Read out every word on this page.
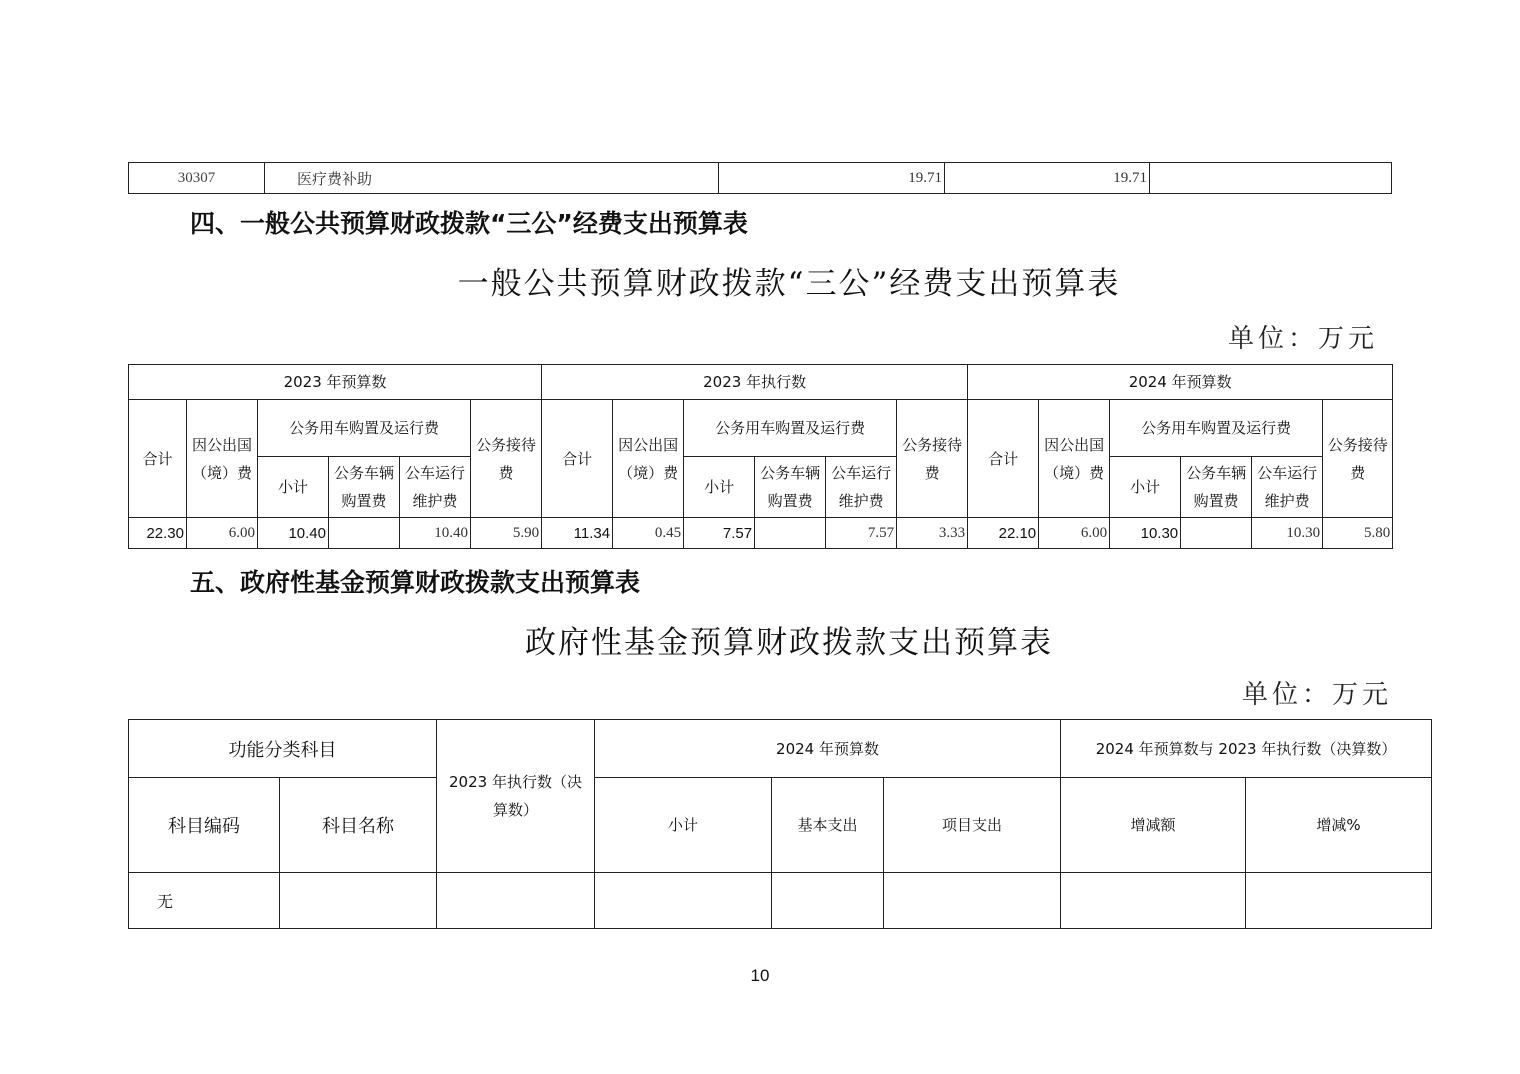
30307	医疗费补助	19.71	19.71	
四、一般公共预算财政拨款“三公”经费支出预算表
一般公共预算财政拨款“三公”经费支出预算表
单位：万元
2023 年预算数						2023 年执行数						2024 年预算数					
合计	因公出国（境）费	公务用车购置及运行费			公务接待费	合计	因公出国（境）费	公务用车购置及运行费			公务接待费	合计	因公出国（境）费	公务用车购置及运行费			公务接待费
		小计	公务车辆购置费	公车运行维护费				小计	公务车辆购置费	公车运行维护费				小计	公务车辆购置费	公车运行维护费	
22.30	6.00	10.40		10.40	5.90	11.34	0.45	7.57		7.57	3.33	22.10	6.00	10.30		10.30	5.80
五、政府性基金预算财政拨款支出预算表
政府性基金预算财政拨款支出预算表
单位：万元
功能分类科目		2023 年执行数（决算数）	2024 年预算数			2024 年预算数与 2023 年执行数（决算数）	
科目编码	科目名称		小计	基本支出	项目支出	增减额	增减%
无							
10
